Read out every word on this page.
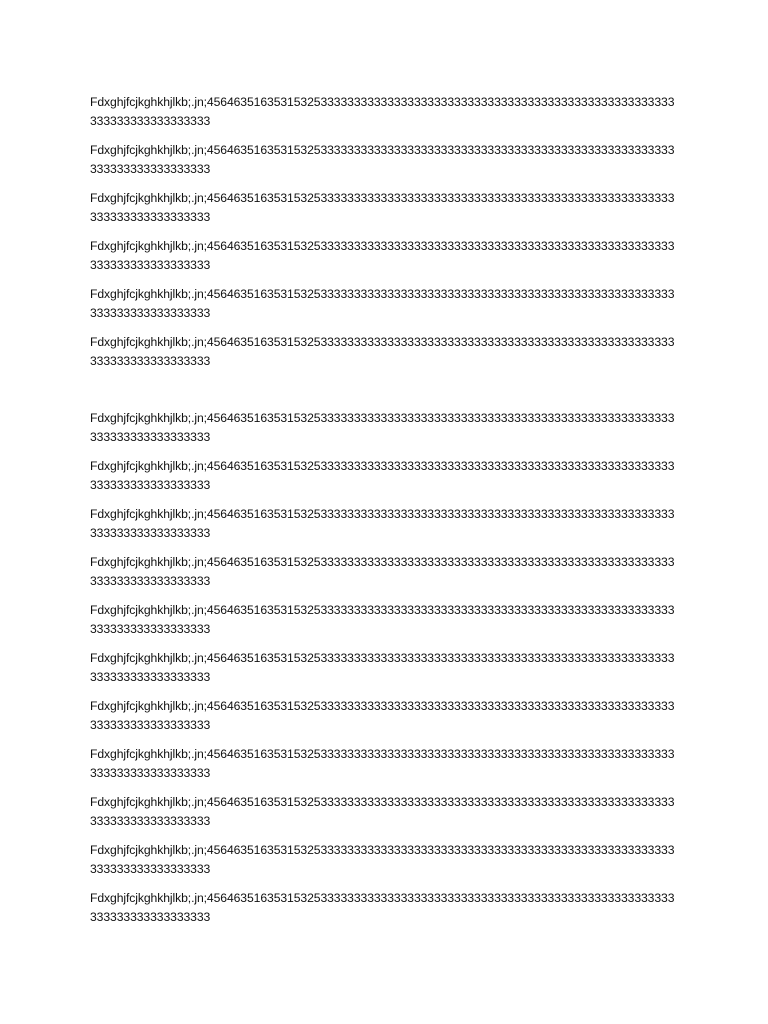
Fdxghjfcjkghkhjlkb;.jn;4564635163531532533333333333333333333333333333333333333333333333333333
333333333333333333

Fdxghjfcjkghkhjlkb;.jn;4564635163531532533333333333333333333333333333333333333333333333333333
333333333333333333

Fdxghjfcjkghkhjlkb;.jn;4564635163531532533333333333333333333333333333333333333333333333333333
333333333333333333

Fdxghjfcjkghkhjlkb;.jn;4564635163531532533333333333333333333333333333333333333333333333333333
333333333333333333

Fdxghjfcjkghkhjlkb;.jn;4564635163531532533333333333333333333333333333333333333333333333333333
333333333333333333

Fdxghjfcjkghkhjlkb;.jn;4564635163531532533333333333333333333333333333333333333333333333333333
333333333333333333

Fdxghjfcjkghkhjlkb;.jn;4564635163531532533333333333333333333333333333333333333333333333333333
333333333333333333

Fdxghjfcjkghkhjlkb;.jn;4564635163531532533333333333333333333333333333333333333333333333333333
333333333333333333

Fdxghjfcjkghkhjlkb;.jn;4564635163531532533333333333333333333333333333333333333333333333333333
333333333333333333

Fdxghjfcjkghkhjlkb;.jn;4564635163531532533333333333333333333333333333333333333333333333333333
333333333333333333

Fdxghjfcjkghkhjlkb;.jn;4564635163531532533333333333333333333333333333333333333333333333333333
333333333333333333

Fdxghjfcjkghkhjlkb;.jn;4564635163531532533333333333333333333333333333333333333333333333333333
333333333333333333

Fdxghjfcjkghkhjlkb;.jn;4564635163531532533333333333333333333333333333333333333333333333333333
333333333333333333

Fdxghjfcjkghkhjlkb;.jn;4564635163531532533333333333333333333333333333333333333333333333333333
333333333333333333

Fdxghjfcjkghkhjlkb;.jn;4564635163531532533333333333333333333333333333333333333333333333333333
333333333333333333

Fdxghjfcjkghkhjlkb;.jn;4564635163531532533333333333333333333333333333333333333333333333333333
333333333333333333

Fdxghjfcjkghkhjlkb;.jn;4564635163531532533333333333333333333333333333333333333333333333333333
333333333333333333
